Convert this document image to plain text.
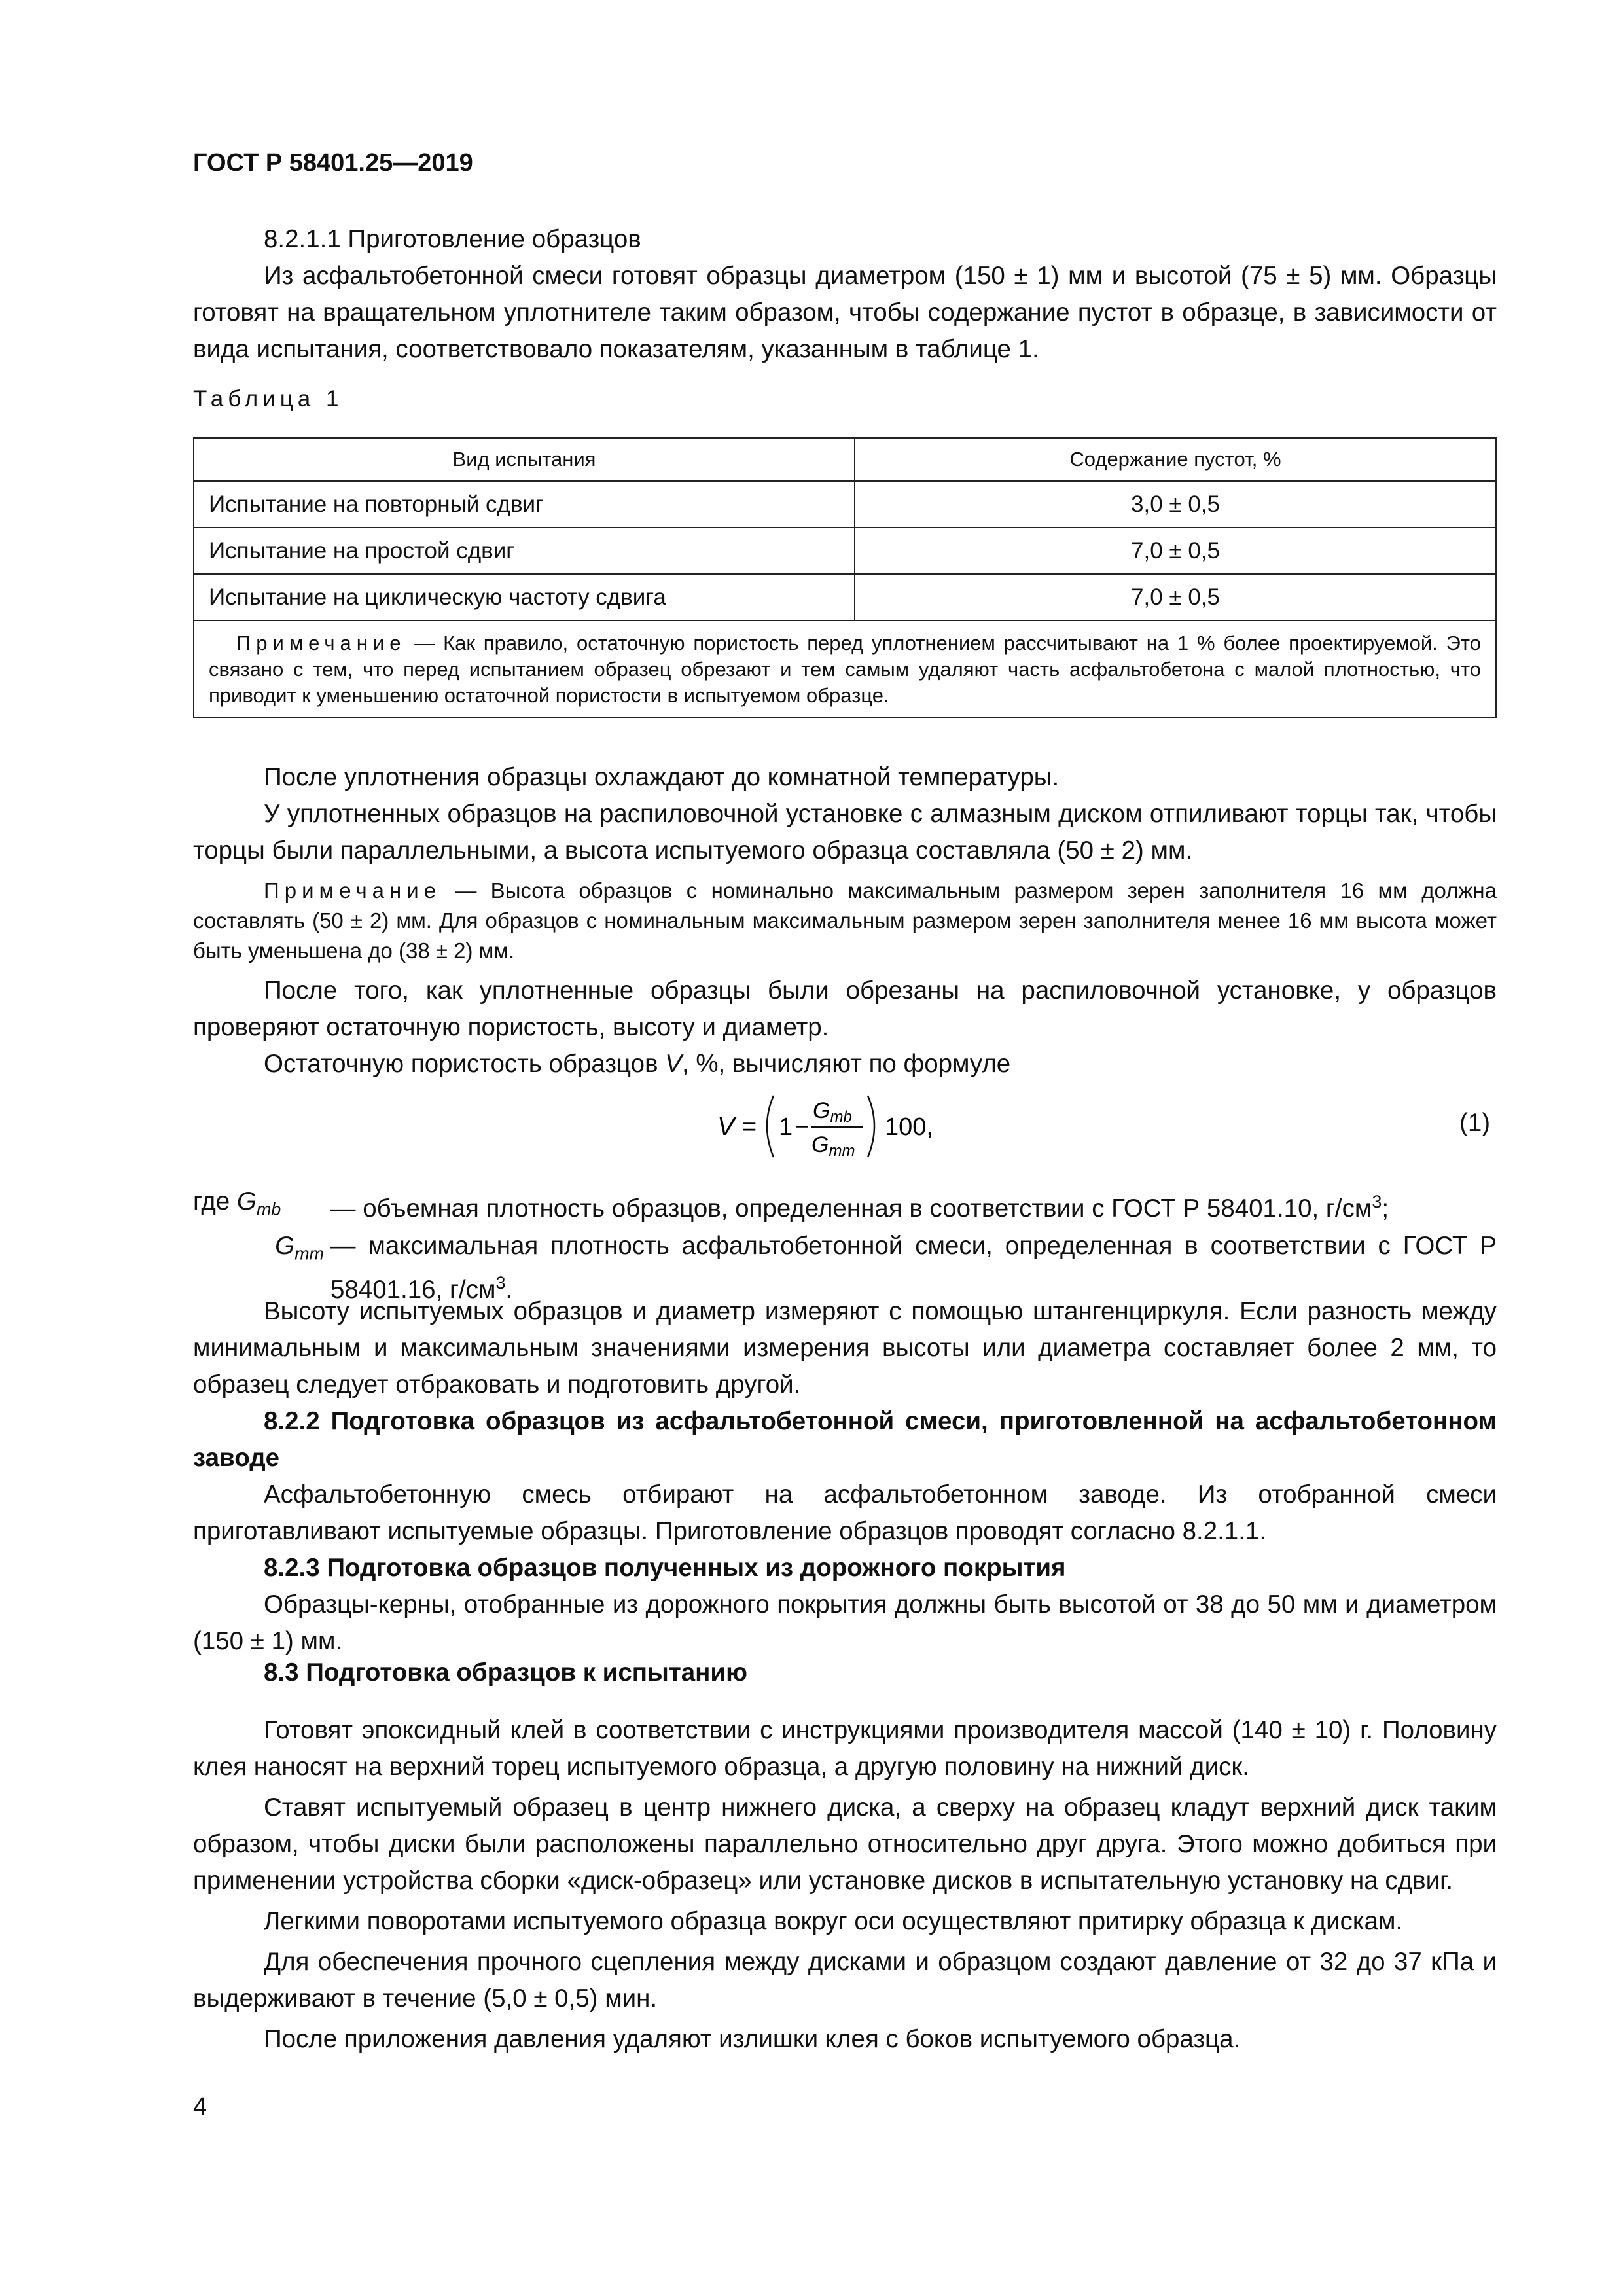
ГОСТ Р 58401.25—2019

8.2.1.1 Приготовление образцов

Из асфальтобетонной смеси готовят образцы диаметром (150 ± 1) мм и высотой (75 ± 5) мм. Образцы готовят на вращательном уплотнителе таким образом, чтобы содержание пустот в образце, в зависимости от вида испытания, соответствовало показателям, указанным в таблице 1.

Таблица 1
Вид испытания	Содержание пустот, %
Испытание на повторный сдвиг	3,0 ± 0,5
Испытание на простой сдвиг	7,0 ± 0,5
Испытание на циклическую частоту сдвига	7,0 ± 0,5
Примечание — Как правило, остаточную пористость перед уплотнением рассчитывают на 1 % более проектируемой. Это связано с тем, что перед испытанием образец обрезают и тем самым удаляют часть асфальтобетона с малой плотностью, что приводит к уменьшению остаточной пористости в испытуемом образце.	

После уплотнения образцы охлаждают до комнатной температуры.

У уплотненных образцов на распиловочной установке с алмазным диском отпиливают торцы так, чтобы торцы были параллельными, а высота испытуемого образца составляла (50 ± 2) мм.

Примечание — Высота образцов с номинально максимальным размером зерен заполнителя 16 мм должна составлять (50 ± 2) мм. Для образцов с номинальным максимальным размером зерен заполнителя менее 16 мм высота может быть уменьшена до (38 ± 2) мм.

После того, как уплотненные образцы были обрезаны на распиловочной установке, у образцов проверяют остаточную пористость, высоту и диаметр.

Остаточную пористость образцов V, %, вычисляют по формуле

V = 1 −
Gmb
Gmm
100,	(1)
где $G_{mb}$	— объемная плотность образцов, определенная в соответствии с ГОСТ Р 58401.10, $г/см^3$;
$G_{mm}$ — максимальная плотность асфальтобетонной смеси, определенная в соответствии с ГОСТ Р 58401.16, $г/см^3$.

Высоту испытуемых образцов и диаметр измеряют с помощью штангенциркуля. Если разность между минимальным и максимальным значениями измерения высоты или диаметра составляет более 2 мм, то образец следует отбраковать и подготовить другой.

8.2.2 Подготовка образцов из асфальтобетонной смеси, приготовленной на асфальтобетонном заводе

Асфальтобетонную смесь отбирают на асфальтобетонном заводе. Из отобранной смеси приготавливают испытуемые образцы. Приготовление образцов проводят согласно 8.2.1.1.

8.2.3 Подготовка образцов полученных из дорожного покрытия

Образцы-керны, отобранные из дорожного покрытия должны быть высотой от 38 до 50 мм и диаметром (150 ± 1) мм.

8.3 Подготовка образцов к испытанию

Готовят эпоксидный клей в соответствии с инструкциями производителя массой (140 ± 10) г. Половину клея наносят на верхний торец испытуемого образца, а другую половину на нижний диск.

Ставят испытуемый образец в центр нижнего диска, а сверху на образец кладут верхний диск таким образом, чтобы диски были расположены параллельно относительно друг друга. Этого можно добиться при применении устройства сборки «диск-образец» или установке дисков в испытательную установку на сдвиг.

Легкими поворотами испытуемого образца вокруг оси осуществляют притирку образца к дискам.

Для обеспечения прочного сцепления между дисками и образцом создают давление от 32 до 37 кПа и выдерживают в течение (5,0 ± 0,5) мин.

После приложения давления удаляют излишки клея с боков испытуемого образца.

4
